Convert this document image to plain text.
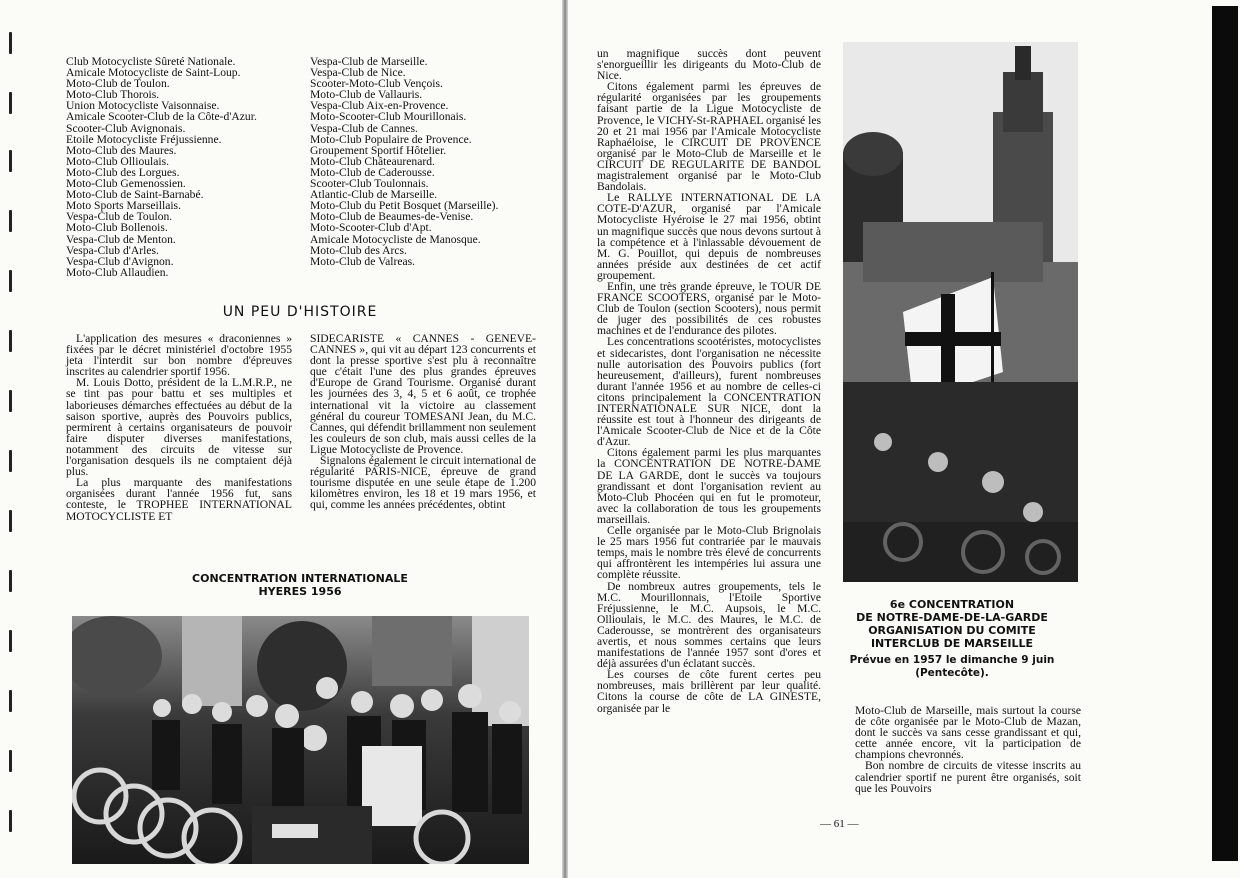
Club Motocycliste Sûreté Nationale.
Amicale Motocycliste de Saint-Loup.
Moto-Club de Toulon.
Moto-Club Thorois.
Union Motocycliste Vaisonnaise.
Amicale Scooter-Club de la Côte-d'Azur.
Scooter-Club Avignonais.
Etoile Motocycliste Fréjussienne.
Moto-Club des Maures.
Moto-Club Ollioulais.
Moto-Club des Lorgues.
Moto-Club Gemenossien.
Moto-Club de Saint-Barnabé.
Moto Sports Marseillais.
Vespa-Club de Toulon.
Moto-Club Bollenois.
Vespa-Club de Menton.
Vespa-Club d'Arles.
Vespa-Club d'Avignon.
Moto-Club Allaudien.
Vespa-Club de Marseille.
Vespa-Club de Nice.
Scooter-Moto-Club Vençois.
Moto-Club de Vallauris.
Vespa-Club Aix-en-Provence.
Moto-Scooter-Club Mourillonais.
Vespa-Club de Cannes.
Moto-Club Populaire de Provence.
Groupement Sportif Hôtelier.
Moto-Club Châteaurenard.
Moto-Club de Caderousse.
Scooter-Club Toulonnais.
Atlantic-Club de Marseille.
Moto-Club du Petit Bosquet (Marseille).
Moto-Club de Beaumes-de-Venise.
Moto-Scooter-Club d'Apt.
Amicale Motocycliste de Manosque.
Moto-Club des Arcs.
Moto-Club de Valreas.
UN PEU D'HISTOIRE

L'application des mesures « draconiennes » fixées par le décret ministériel d'octobre 1955 jeta l'interdit sur bon nombre d'épreuves inscrites au calendrier sportif 1956.

M. Louis Dotto, président de la L.M.R.P., ne se tint pas pour battu et ses multiples et laborieuses démarches effectuées au début de la saison sportive, auprès des Pouvoirs publics, permirent à certains organisateurs de pouvoir faire disputer diverses manifestations, notamment des circuits de vitesse sur l'organisation desquels ils ne comptaient déjà plus.

La plus marquante des manifestations organisées durant l'année 1956 fut, sans conteste, le TROPHEE INTERNATIONAL MOTOCYCLISTE ET

SIDECARISTE « CANNES - GENEVE-CANNES », qui vit au départ 123 concurrents et dont la presse sportive s'est plu à reconnaître que c'était l'une des plus grandes épreuves d'Europe de Grand Tourisme. Organisé durant les journées des 3, 4, 5 et 6 août, ce trophée international vit la victoire au classement général du coureur TOMESANI Jean, du M.C. Cannes, qui défendit brillamment non seulement les couleurs de son club, mais aussi celles de la Ligue Motocycliste de Provence.

Signalons également le circuit international de régularité PARIS-NICE, épreuve de grand tourisme disputée en une seule étape de 1.200 kilomètres environ, les 18 et 19 mars 1956, et qui, comme les années précédentes, obtint

CONCENTRATION INTERNATIONALE
HYERES 1956

un magnifique succès dont peuvent s'enorgueillir les dirigeants du Moto-Club de Nice.

Citons également parmi les épreuves de régularité organisées par les groupements faisant partie de la Ligue Motocycliste de Provence, le VICHY-St-RAPHAEL organisé les 20 et 21 mai 1956 par l'Amicale Motocycliste Raphaéloise, le CIRCUIT DE PROVENCE organisé par le Moto-Club de Marseille et le CIRCUIT DE REGULARITE DE BANDOL magistralement organisé par le Moto-Club Bandolais.

Le RALLYE INTERNATIONAL DE LA COTE-D'AZUR, organisé par l'Amicale Motocycliste Hyéroise le 27 mai 1956, obtint un magnifique succès que nous devons surtout à la compétence et à l'inlassable dévouement de M. G. Pouillot, qui depuis de nombreuses années préside aux destinées de cet actif groupement.

Enfin, une très grande épreuve, le TOUR DE FRANCE SCOOTERS, organisé par le Moto-Club de Toulon (section Scooters), nous permit de juger des possibilités de ces robustes machines et de l'endurance des pilotes.

Les concentrations scootéristes, motocyclistes et sidecaristes, dont l'organisation ne nécessite nulle autorisation des Pouvoirs publics (fort heureusement, d'ailleurs), furent nombreuses durant l'année 1956 et au nombre de celles-ci citons principalement la CONCENTRATION INTERNATIONALE SUR NICE, dont la réussite est tout à l'honneur des dirigeants de l'Amicale Scooter-Club de Nice et de la Côte d'Azur.

Citons également parmi les plus marquantes la CONCENTRATION DE NOTRE-DAME DE LA GARDE, dont le succès va toujours grandissant et dont l'organisation revient au Moto-Club Phocéen qui en fut le promoteur, avec la collaboration de tous les groupements marseillais.

Celle organisée par le Moto-Club Brignolais le 25 mars 1956 fut contrariée par le mauvais temps, mais le nombre très élevé de concurrents qui affrontèrent les intempéries lui assura une complète réussite.

De nombreux autres groupements, tels le M.C. Mourillonnais, l'Etoile Sportive Fréjussienne, le M.C. Aupsois, le M.C. Ollioulais, le M.C. des Maures, le M.C. de Caderousse, se montrèrent des organisateurs avertis, et nous sommes certains que leurs manifestations de l'année 1957 sont d'ores et déjà assurées d'un éclatant succès.

Les courses de côte furent certes peu nombreuses, mais brillèrent par leur qualité. Citons la course de côte de LA GINESTE, organisée par le

6e CONCENTRATION
DE NOTRE-DAME-DE-LA-GARDE
ORGANISATION DU COMITE
INTERCLUB DE MARSEILLE
Prévue en 1957 le dimanche 9 juin
(Pentecôte).

Moto-Club de Marseille, mais surtout la course de côte organisée par le Moto-Club de Mazan, dont le succès va sans cesse grandissant et qui, cette année encore, vit la participation de champions chevronnés.

Bon nombre de circuits de vitesse inscrits au calendrier sportif ne purent être organisés, soit que les Pouvoirs

— 61 —
